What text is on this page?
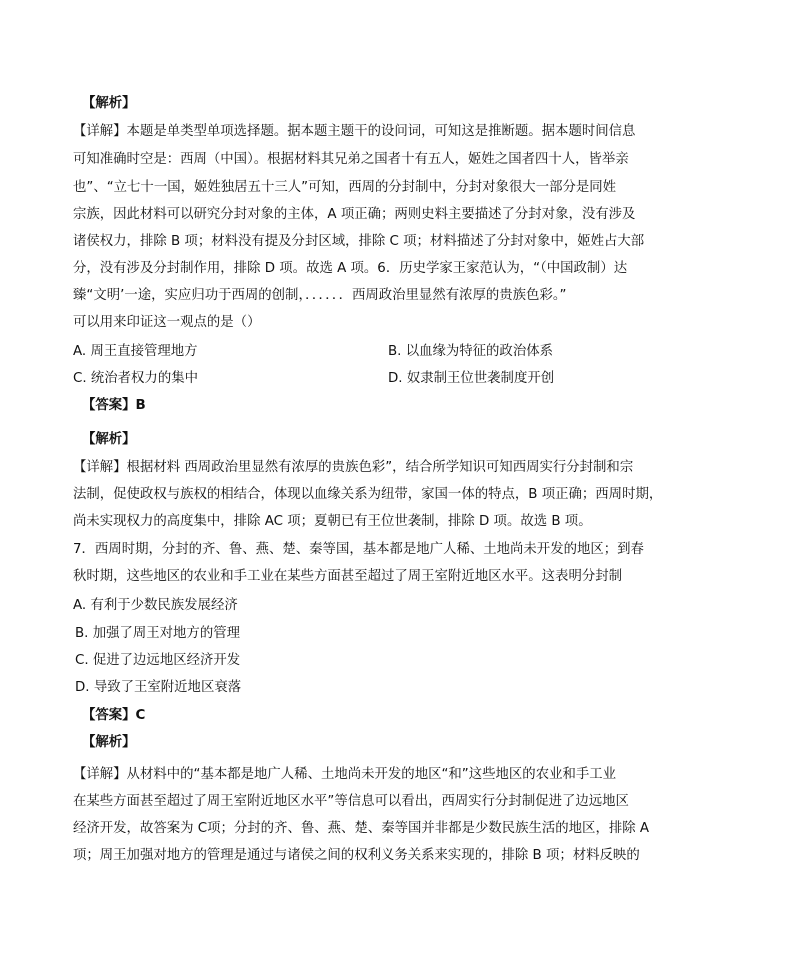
【解析】
【详解】本题是单类型单项选择题。据本题主题干的设问词，可知这是推断题。据本题时间信息
可知准确时空是：西周（中国）。根据材料其兄弟之国者十有五人，姬姓之国者四十人，皆举亲
也”、“立七十一国，姬姓独居五十三人”可知，西周的分封制中，分封对象很大一部分是同姓
宗族，因此材料可以研究分封对象的主体，A 项正确；两则史料主要描述了分封对象，没有涉及
诸侯权力，排除 B 项；材料没有提及分封区域，排除 C 项；材料描述了分封对象中，姬姓占大部
分，没有涉及分封制作用，排除 D 项。故选 A 项。6．历史学家王家范认为，“（中国政制）达
臻“文明’一途，实应归功于西周的创制，．．．．．．西周政治里显然有浓厚的贵族色彩。”
可以用来印证这一观点的是（）
A. 周王直接管理地方	B. 以血缘为特征的政治体系
C. 统治者权力的集中	D. 奴隶制王位世袭制度开创
【答案】B
【解析】
【详解】根据材料 西周政治里显然有浓厚的贵族色彩”，结合所学知识可知西周实行分封制和宗
法制，促使政权与族权的相结合，体现以血缘关系为纽带，家国一体的特点，B 项正确；西周时期，
尚未实现权力的高度集中，排除 AC 项；夏朝已有王位世袭制，排除 D 项。故选 B 项。
7．西周时期，分封的齐、鲁、燕、楚、秦等国，基本都是地广人稀、土地尚未开发的地区；到春
秋时期，这些地区的农业和手工业在某些方面甚至超过了周王室附近地区水平。这表明分封制
A. 有利于少数民族发展经济
B. 加强了周王对地方的管理
C. 促进了边远地区经济开发
D. 导致了王室附近地区衰落
【答案】C
【解析】
【详解】从材料中的“基本都是地广人稀、土地尚未开发的地区“和”这些地区的农业和手工业
在某些方面甚至超过了周王室附近地区水平”等信息可以看出，西周实行分封制促进了边远地区
经济开发，故答案为 C项；分封的齐、鲁、燕、楚、秦等国并非都是少数民族生活的地区，排除 A
项；周王加强对地方的管理是通过与诸侯之间的权利义务关系来实现的，排除 B 项；材料反映的
